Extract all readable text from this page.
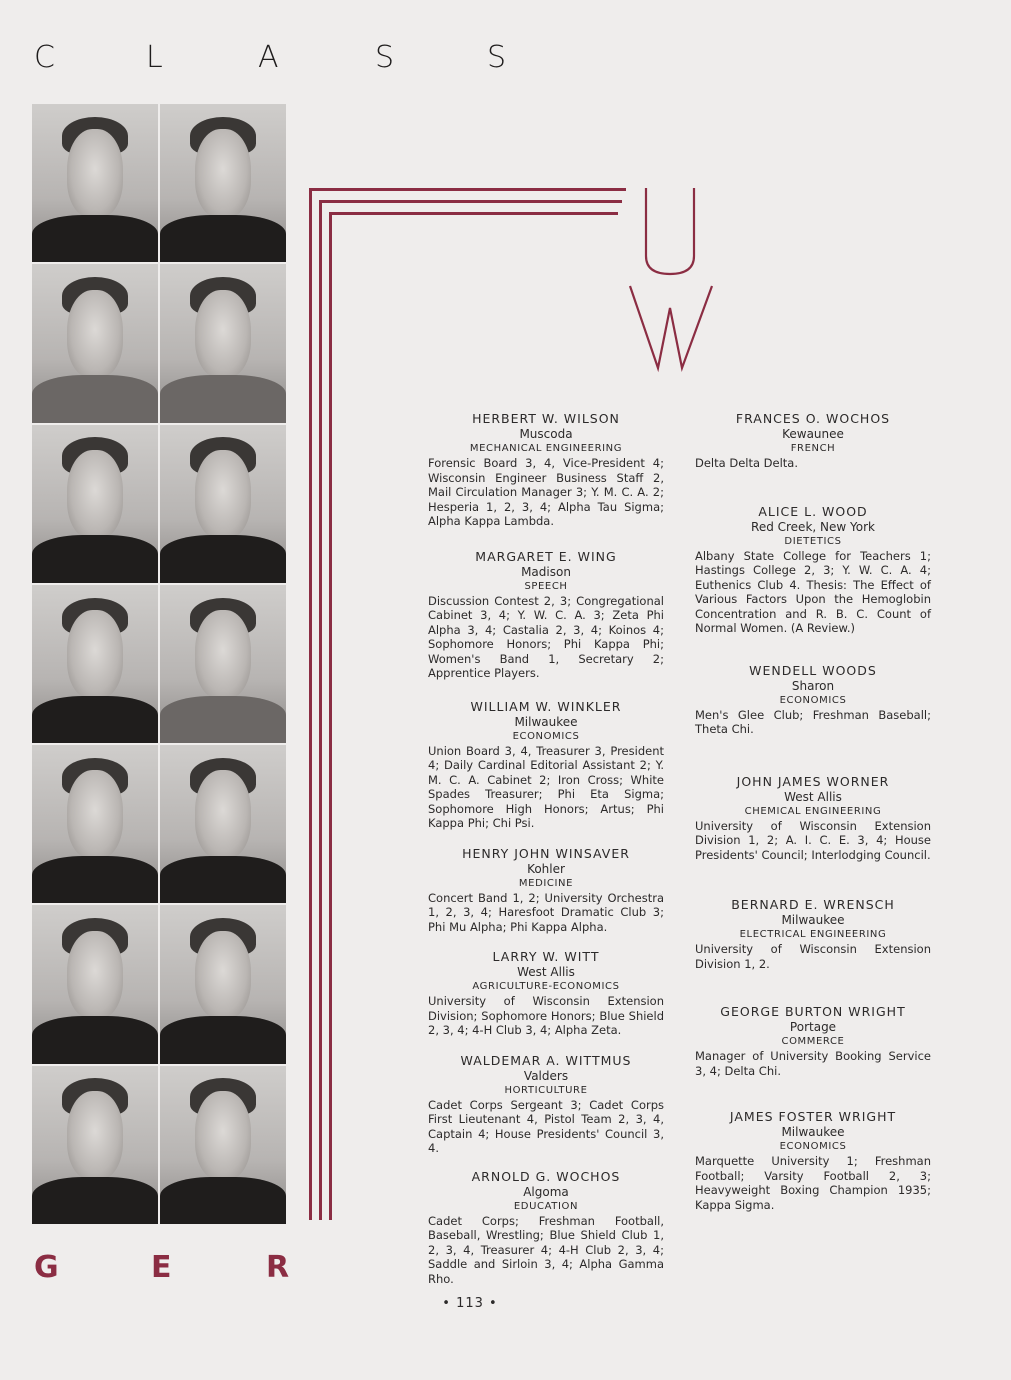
C	L	A	S	S
HERBERT W. WILSON
Muscoda
MECHANICAL ENGINEERING
Forensic Board 3, 4, Vice-President 4; Wisconsin Engineer Business Staff 2, Mail Circulation Manager 3; Y. M. C. A. 2; Hesperia 1, 2, 3, 4; Alpha Tau Sigma; Alpha Kappa Lambda.
MARGARET E. WING
Madison
SPEECH
Discussion Contest 2, 3; Congregational Cabinet 3, 4; Y. W. C. A. 3; Zeta Phi Alpha 3, 4; Castalia 2, 3, 4; Koinos 4; Sophomore Honors; Phi Kappa Phi; Women's Band 1, Secretary 2; Apprentice Players.
WILLIAM W. WINKLER
Milwaukee
ECONOMICS
Union Board 3, 4, Treasurer 3, President 4; Daily Cardinal Editorial Assistant 2; Y. M. C. A. Cabinet 2; Iron Cross; White Spades Treasurer; Phi Eta Sigma; Sophomore High Honors; Artus; Phi Kappa Phi; Chi Psi.
HENRY JOHN WINSAVER
Kohler
MEDICINE
Concert Band 1, 2; University Orchestra 1, 2, 3, 4; Haresfoot Dramatic Club 3; Phi Mu Alpha; Phi Kappa Alpha.
LARRY W. WITT
West Allis
AGRICULTURE-ECONOMICS
University of Wisconsin Extension Division; Sophomore Honors; Blue Shield 2, 3, 4; 4-H Club 3, 4; Alpha Zeta.
WALDEMAR A. WITTMUS
Valders
HORTICULTURE
Cadet Corps Sergeant 3; Cadet Corps First Lieutenant 4, Pistol Team 2, 3, 4, Captain 4; House Presidents' Council 3, 4.
ARNOLD G. WOCHOS
Algoma
EDUCATION
Cadet Corps; Freshman Football, Baseball, Wrestling; Blue Shield Club 1, 2, 3, 4, Treasurer 4; 4-H Club 2, 3, 4; Saddle and Sirloin 3, 4; Alpha Gamma Rho.
FRANCES O. WOCHOS
Kewaunee
FRENCH
Delta Delta Delta.
ALICE L. WOOD
Red Creek, New York
DIETETICS
Albany State College for Teachers 1; Hastings College 2, 3; Y. W. C. A. 4; Euthenics Club 4. Thesis: The Effect of Various Factors Upon the Hemoglobin Concentration and R. B. C. Count of Normal Women. (A Review.)
WENDELL WOODS
Sharon
ECONOMICS
Men's Glee Club; Freshman Baseball; Theta Chi.
JOHN JAMES WORNER
West Allis
CHEMICAL ENGINEERING
University of Wisconsin Extension Division 1, 2; A. I. C. E. 3, 4; House Presidents' Council; Interlodging Council.
BERNARD E. WRENSCH
Milwaukee
ELECTRICAL ENGINEERING
University of Wisconsin Extension Division 1, 2.
GEORGE BURTON WRIGHT
Portage
COMMERCE
Manager of University Booking Service 3, 4; Delta Chi.
JAMES FOSTER WRIGHT
Milwaukee
ECONOMICS
Marquette University 1; Freshman Football; Varsity Football 2, 3; Heavyweight Boxing Champion 1935; Kappa Sigma.
G	E	R
• 113 •
